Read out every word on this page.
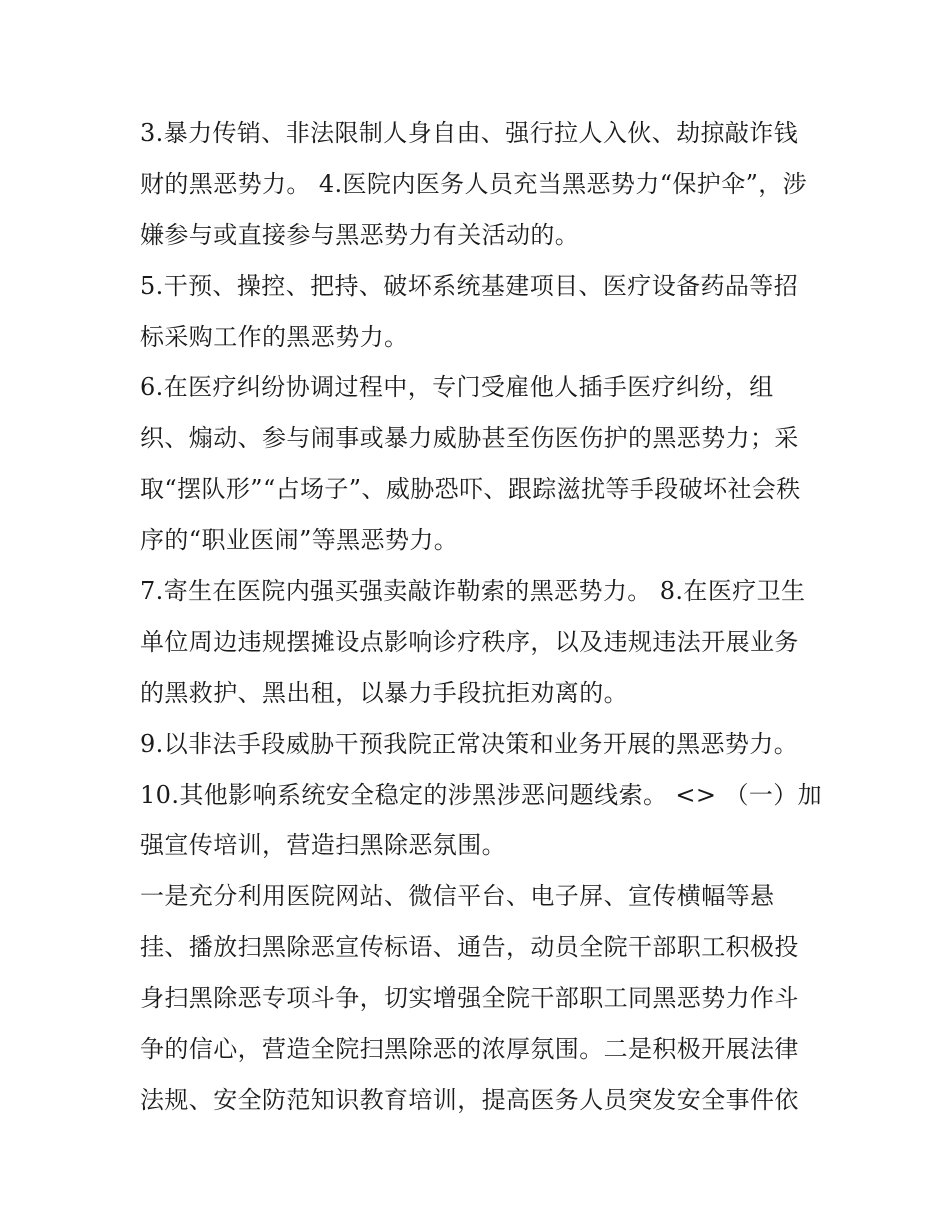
3.暴力传销、非法限制人身自由、强行拉人入伙、劫掠敲诈钱
财的黑恶势力。 4.医院内医务人员充当黑恶势力“保护伞”，涉
嫌参与或直接参与黑恶势力有关活动的。
5.干预、操控、把持、破坏系统基建项目、医疗设备药品等招
标采购工作的黑恶势力。
6.在医疗纠纷协调过程中，专门受雇他人插手医疗纠纷，组
织、煽动、参与闹事或暴力威胁甚至伤医伤护的黑恶势力；采
取“摆队形”“占场子”、威胁恐吓、跟踪滋扰等手段破坏社会秩
序的“职业医闹”等黑恶势力。
7.寄生在医院内强买强卖敲诈勒索的黑恶势力。 8.在医疗卫生
单位周边违规摆摊设点影响诊疗秩序，以及违规违法开展业务
的黑救护、黑出租，以暴力手段抗拒劝离的。
9.以非法手段威胁干预我院正常决策和业务开展的黑恶势力。
10.其他影响系统安全稳定的涉黑涉恶问题线索。 <> （一）加
强宣传培训，营造扫黑除恶氛围。
一是充分利用医院网站、微信平台、电子屏、宣传横幅等悬
挂、播放扫黑除恶宣传标语、通告，动员全院干部职工积极投
身扫黑除恶专项斗争，切实增强全院干部职工同黑恶势力作斗
争的信心，营造全院扫黑除恶的浓厚氛围。二是积极开展法律
法规、安全防范知识教育培训，提高医务人员突发安全事件依
